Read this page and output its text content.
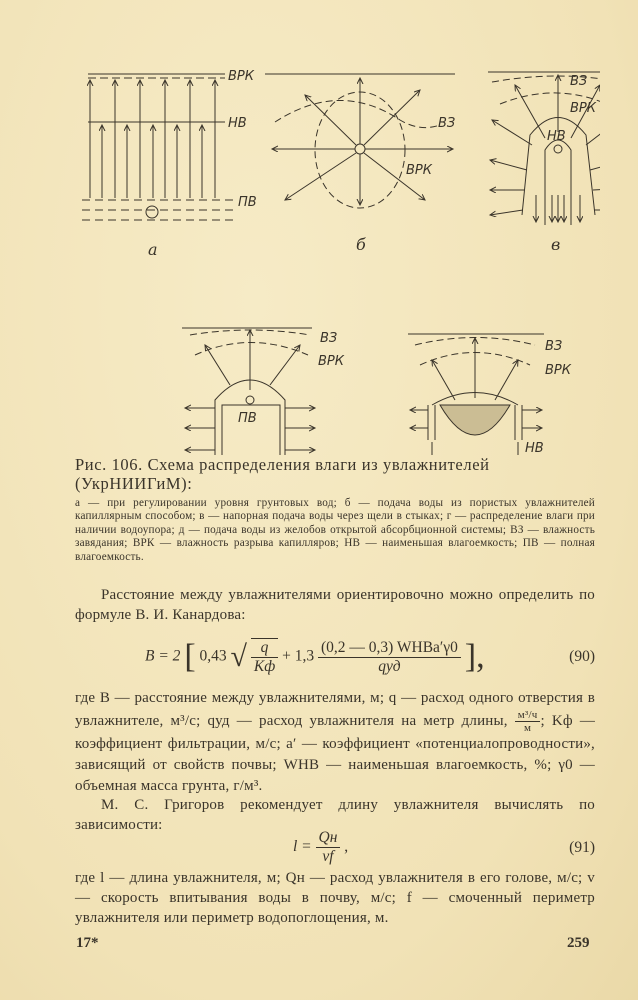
ВРК
НВ
ПВ
а
ВЗ
ВРК
б
ВЗ
ВРК
НВ
в
ВЗ
ВРК
ПВ
ВЗ
ВРК
НВ
Рис. 106. Схема распределения влаги из увлажнителей (УкрНИИГиМ):
а — при регулировании уровня грунтовых вод; б — подача воды из пористых увлажнителей капиллярным способом; в — напорная подача воды через щели в стыках; г — распределение влаги при наличии водоупора; д — подача воды из желобов открытой абсорбционной системы; ВЗ — влажность завядания; ВРК — влажность разрыва капилляров; НВ — наименьшая влагоемкость; ПВ — полная влагоемкость.
Расстояние между увлажнителями ориентировочно можно определить по формуле В. И. Канардова:
B = 2 [ 0,43 √ $\frac{q}{Kф} + 1,3 \frac{\text{(0,2 — 0,3) WНВa′γ0}}{\text{qуд}}$ ],	(90)
где B — расстояние между увлажнителями, м; q — расход одного отверстия в увлажнителе, м³/с; qуд — расход увлажнителя на метр длины, $\frac{\text{м³/ч}}{м}$ ; Kф — коэффициент фильтрации, м/с; a′ — коэффициент «потенциалопроводности», зависящий от свойств почвы; WНВ — наименьшая влагоемкость, %; γ0 — объемная масса грунта, г/м³.
М. С. Григоров рекомендует длину увлажнителя вычислять по зависимости:
$l = \frac{Qн}{vf}$ ,	(91)
где l — длина увлажнителя, м; Qн — расход увлажнителя в его голове, м/с; v — скорость впитывания воды в почву, м/с; f — смоченный периметр увлажнителя или периметр водопоглощения, м.
17*	259
